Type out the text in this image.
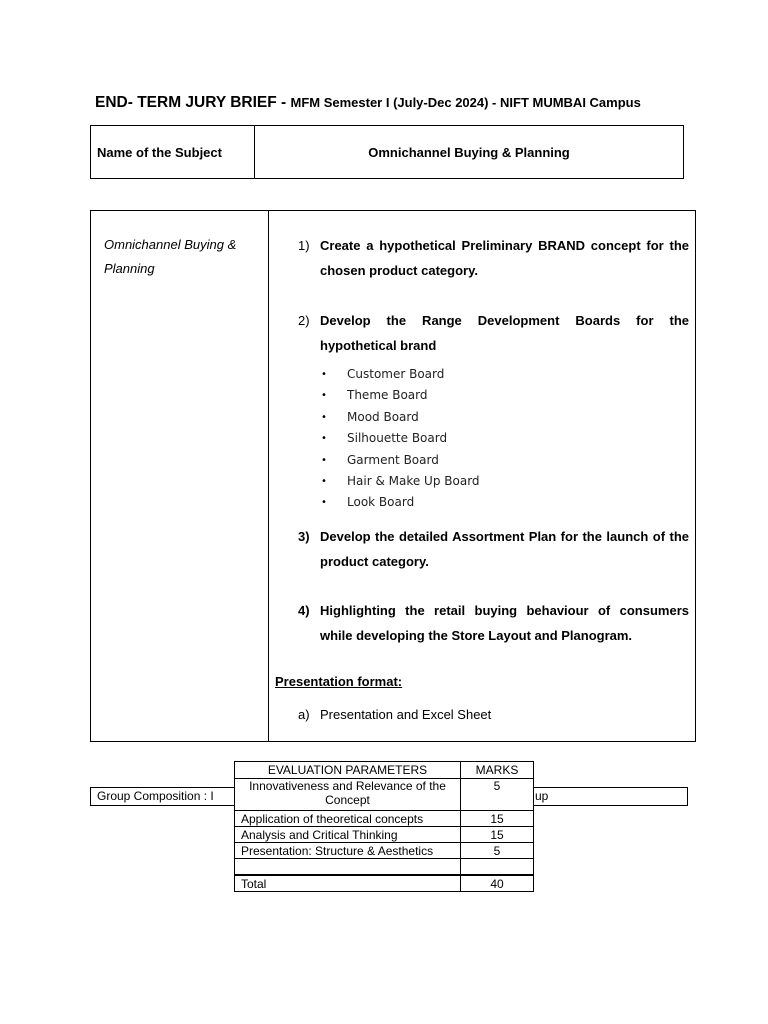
END- TERM JURY BRIEF - MFM Semester I (July-Dec 2024) - NIFT MUMBAI Campus
Name of the Subject	Omnichannel Buying & Planning
Omnichannel Buying & Planning
1) Create a hypothetical Preliminary BRAND concept for the chosen product category.
2) Develop the Range Development Boards for the hypothetical brand
•	Customer Board
•	Theme Board
•	Mood Board
•	Silhouette Board
•	Garment Board
•	Hair & Make Up Board
•	Look Board
3) Develop the detailed Assortment Plan for the launch of the product category.
4) Highlighting the retail buying behaviour of consumers while developing the Store Layout and Planogram.
Presentation format:
a) Presentation and Excel Sheet
Group Composition : I	up
EVALUATION PARAMETERS	MARKS
Innovativeness and Relevance of the Concept	5
Application of theoretical concepts	15
Analysis and Critical Thinking	15
Presentation: Structure & Aesthetics	5

Total	40
